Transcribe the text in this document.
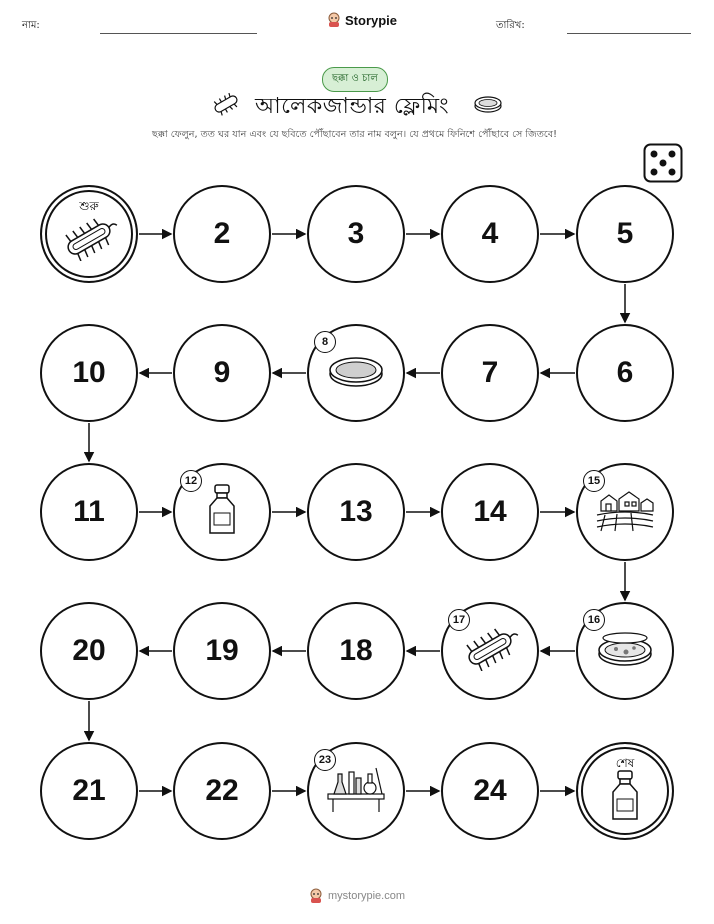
নাম:	Storypie	তারিখ:
ছক্কা ও চাল
আলেকজান্ডার ফ্লেমিং
ছক্কা ফেলুন, তত ঘর যান এবং যে ছবিতে পৌঁছাবেন তার নাম বলুন। যে প্রথমে ফিনিশে পৌঁছাবে সে জিতবে!
শুরু
2	3	4	5
6
7
8
9
10
11
12
13	14
15
16
17
18
19
20
21	22
23
24
শেষ
mystorypie.com
